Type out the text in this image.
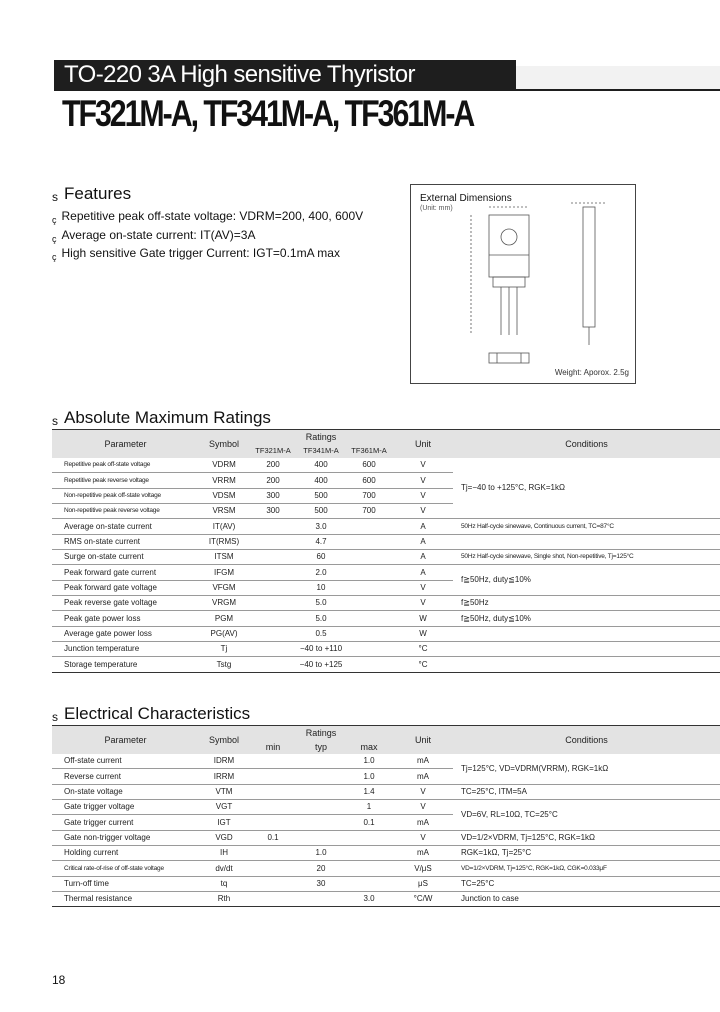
TO-220 3A High sensitive Thyristor
TF321M-A, TF341M-A, TF361M-A
s Features
$_ç$ Repetitive peak off-state voltage: VDRM=200, 400, 600V
$_ç$ Average on-state current: IT(AV)=3A
$_ç$ High sensitive Gate trigger Current: IGT=0.1mA max
External Dimensions
(Unit: mm)
Weight: Aporox. 2.5g
s Absolute Maximum Ratings
Parameter	Symbol	Ratings			Unit	Conditions
		TF321M-A	TF341M-A	TF361M-A		
Repetitive peak off-state voltage	VDRM	200	400	600	V	Tj=−40 to +125°C, RGK=1kΩ
Repetitive peak reverse voltage	VRRM	200	400	600	V	
Non-repetitive peak off-state voltage	VDSM	300	500	700	V	
Non-repetitive peak reverse voltage	VRSM	300	500	700	V	
Average on-state current	IT(AV)	3.0			A	50Hz Half-cycle sinewave, Continuous current, TC=87°C
RMS on-state current	IT(RMS)	4.7			A	
Surge on-state current	ITSM	60			A	50Hz Half-cycle sinewave, Single shot, Non-repetitive, Tj=125°C
Peak forward gate current	IFGM	2.0			A	f≧50Hz, duty≦10%
Peak forward gate voltage	VFGM	10			V	
Peak reverse gate voltage	VRGM	5.0			V	f≧50Hz
Peak gate power loss	PGM	5.0			W	f≧50Hz, duty≦10%
Average gate power loss	PG(AV)	0.5			W	
Junction temperature	Tj	−40 to +110			°C	
Storage temperature	Tstg	−40 to +125			°C	
s Electrical Characteristics
Parameter	Symbol	Ratings			Unit	Conditions
		min	typ	max		
Off-state current	IDRM			1.0	mA	Tj=125°C, VD=VDRM(VRRM), RGK=1kΩ
Reverse current	IRRM			1.0	mA	
On-state voltage	VTM			1.4	V	TC=25°C, ITM=5A
Gate trigger voltage	VGT			1	V	VD=6V, RL=10Ω, TC=25°C
Gate trigger current	IGT			0.1	mA	
Gate non-trigger voltage	VGD	0.1			V	VD=1/2×VDRM, Tj=125°C, RGK=1kΩ
Holding current	IH		1.0		mA	RGK=1kΩ, Tj=25°C
Critical rate-of-rise of off-state voltage	dv/dt		20		V/μS	VD=1/2×VDRM, Tj=125°C, RGK=1kΩ, CGK=0.033μF
Turn-off time	tq		30		μS	TC=25°C
Thermal resistance	Rth			3.0	°C/W	Junction to case
18
